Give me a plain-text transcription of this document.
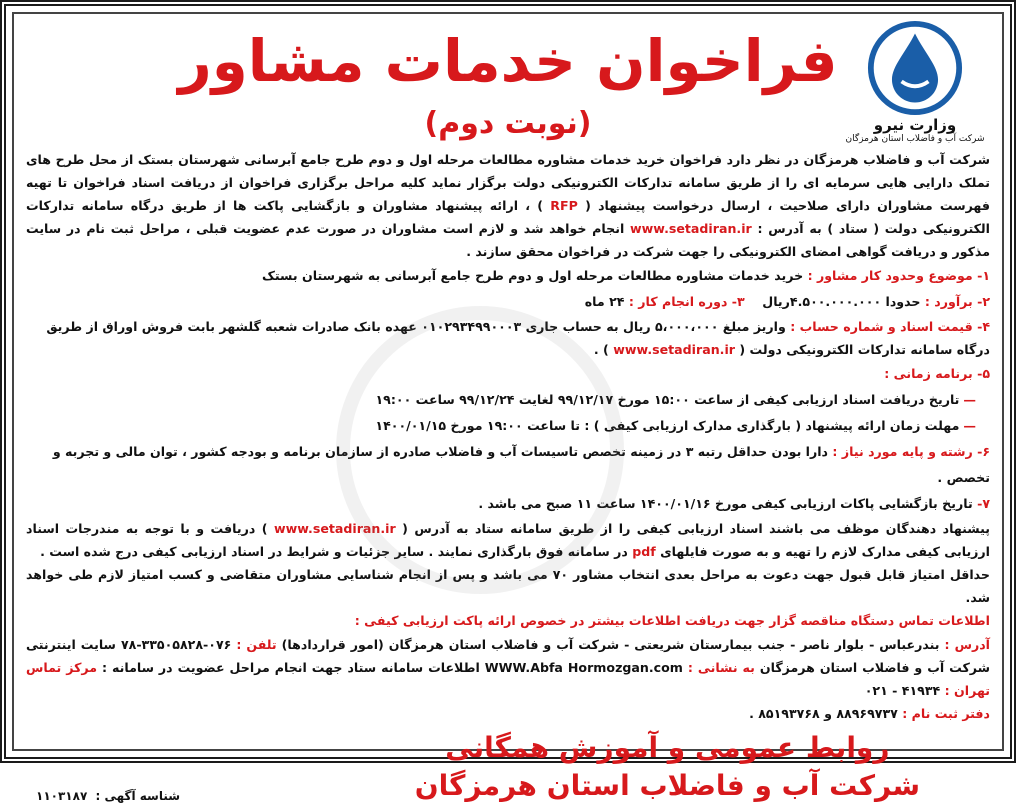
فراخوان خدمات مشاور
(نوبت دوم)	وزارت نیرو
شرکت آب و فاضلاب استان هرمزگان
شرکت آب و فاضلاب هرمزگان در نظر دارد فراخوان خرید خدمات مشاوره مطالعات مرحله اول و دوم طرح جامع آبرسانی شهرستان بستک از محل طرح های تملک دارایی هایی سرمایه ای را از طریق سامانه تدارکات الکترونیکی دولت برگزار نماید کلیه مراحل برگزاری فراخوان از دریافت اسناد فراخوان تا تهیه فهرست مشاوران دارای صلاحیت ، ارسال درخواست پیشنهاد ( RFP ) ، ارائه پیشنهاد مشاوران و بازگشایی پاکت ها از طریق درگاه سامانه تدارکات الکترونیکی دولت ( ستاد ) به آدرس : www.setadiran.ir انجام خواهد شد و لازم است مشاوران در صورت عدم عضویت قبلی ، مراحل ثبت نام در سایت مذکور و دریافت گواهی امضای الکترونیکی را جهت شرکت در فراخوان محقق سازند .
۱- موضوع وحدود کار مشاور : خرید خدمات مشاوره مطالعات مرحله اول و دوم طرح جامع آبرسانی به شهرستان بستک
۲- برآورد : حدودا ۴.۵۰۰.۰۰۰.۰۰۰ریال    ۳- دوره انجام کار : ۲۴ ماه
۴- قیمت اسناد و شماره حساب : واریز مبلغ ۵،۰۰۰،۰۰۰ ریال به حساب جاری ۰۱۰۲۹۳۴۹۹۰۰۰۳ عهده بانک صادرات شعبه گلشهر بابت فروش اوراق از طریق درگاه سامانه تدارکات الکترونیکی دولت ( www.setadiran.ir ) .
۵- برنامه زمانی :
—تاریخ دریافت اسناد ارزیابی کیفی از ساعت ۱۵:۰۰ مورخ ۹۹/۱۲/۱۷ لغایت ۹۹/۱۲/۲۴ ساعت ۱۹:۰۰
—مهلت زمان ارائه پیشنهاد ( بارگذاری مدارک ارزیابی کیفی ) : تا ساعت ۱۹:۰۰ مورخ ۱۴۰۰/۰۱/۱۵
۶- رشته و پایه مورد نیاز : دارا بودن حداقل رتبه ۳ در زمینه تخصص تاسیسات آب و فاضلاب صادره از سازمان برنامه و بودجه کشور ، توان مالی و تجربه و تخصص .
۷- تاریخ بازگشایی پاکات ارزیابی کیفی مورخ ۱۴۰۰/۰۱/۱۶ ساعت ۱۱ صبح می باشد .
پیشنهاد دهندگان موظف می باشند اسناد ارزیابی کیفی را از طریق سامانه ستاد به آدرس ( www.setadiran.ir ) دریافت و با توجه به مندرجات اسناد ارزیابی کیفی مدارک لازم را تهیه و به صورت فایلهای pdf در سامانه فوق بارگذاری نمایند . سایر جزئیات و شرایط در اسناد ارزیابی کیفی درج شده است .
حداقل امتیاز قابل قبول جهت دعوت به مراحل بعدی انتخاب مشاور ۷۰ می باشد و پس از انجام شناسایی مشاوران متقاضی و کسب امتیاز لازم طی خواهد شد.
اطلاعات تماس دستگاه مناقصه گزار جهت دریافت اطلاعات بیشتر در خصوص ارائه پاکت ارزیابی کیفی :
آدرس : بندرعباس - بلوار ناصر - جنب بیمارستان شریعتی - شرکت آب و فاضلاب استان هرمزگان (امور قراردادها) تلفن : ۰۷۶-۳۳۵۰۵۸۲۸-۷۸ سایت اینترنتی شرکت آب و فاضلاب استان هرمزگان به نشانی : WWW.Abfa Hormozgan.com اطلاعات سامانه ستاد جهت انجام مراحل عضویت در سامانه : مرکز تماس تهران : ۴۱۹۳۴ - ۰۲۱
دفتر ثبت نام : ۸۸۹۶۹۷۳۷ و ۸۵۱۹۳۷۶۸ .
روابط عمومی و آموزش همگانی
شرکت آب و فاضلاب استان هرمزگان
شناسه آگهی : ۱۱۰۳۱۸۷
